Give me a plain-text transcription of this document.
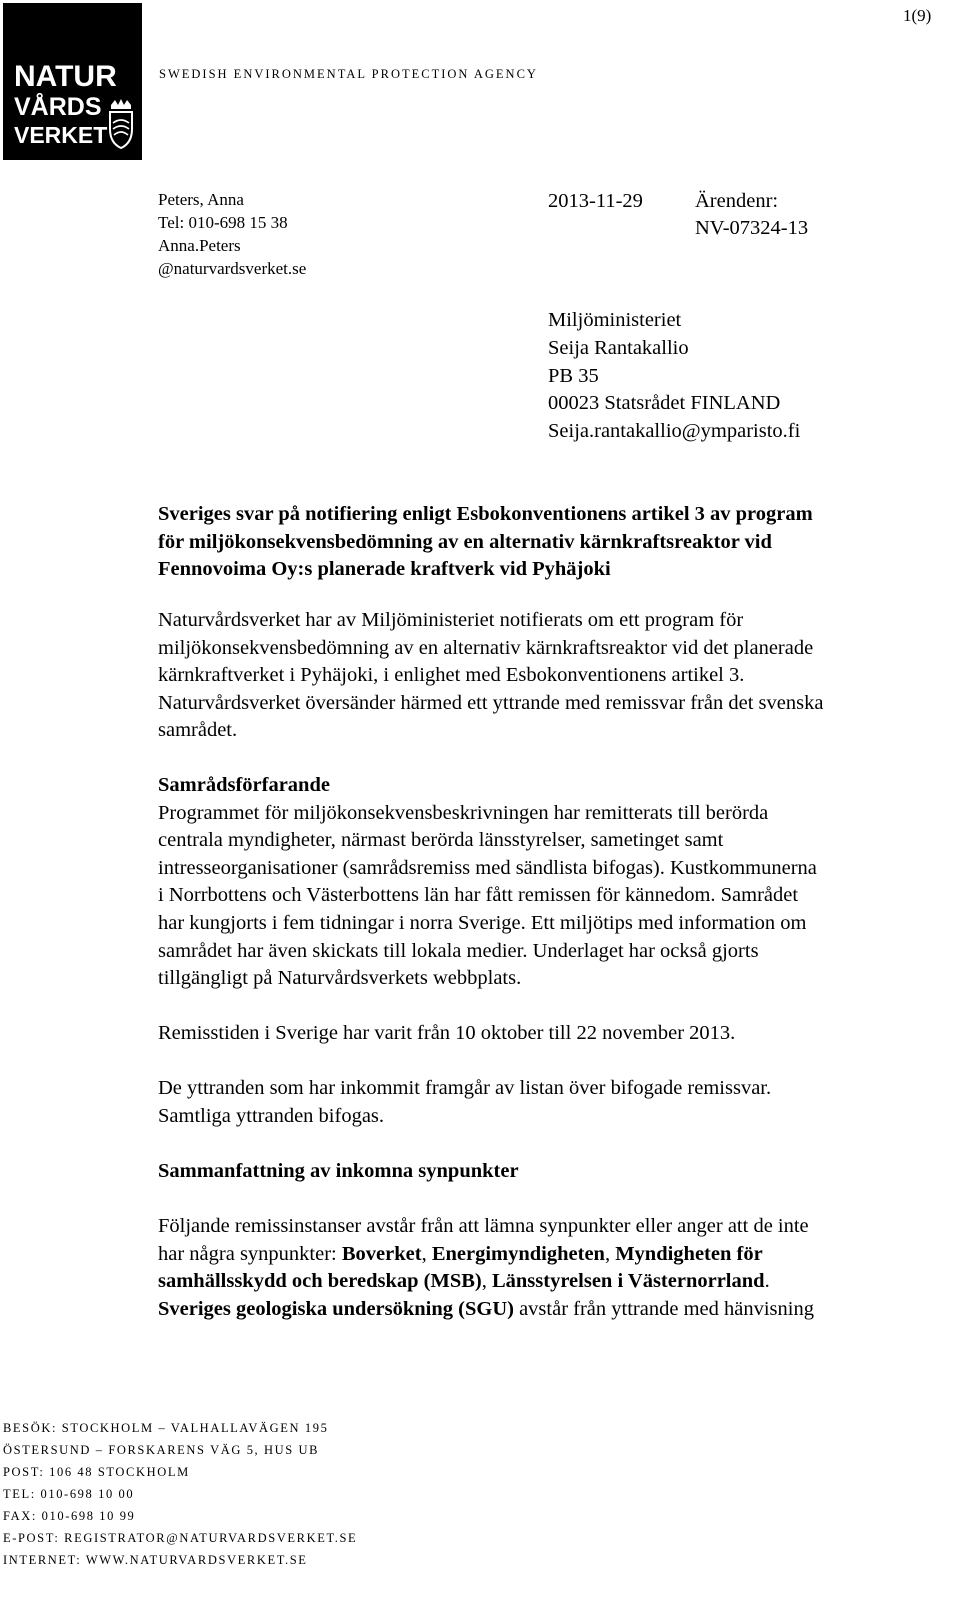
NATUR
VÅRDS
VERKET
SWEDISH ENVIRONMENTAL PROTECTION AGENCY
1(9)
Peters, Anna
Tel: 010-698 15 38
Anna.Peters
@naturvardsverket.se
2013-11-29	Ärendenr:
NV-07324-13
Miljöministeriet
Seija Rantakallio
PB 35
00023 Statsrådet FINLAND
Seija.rantakallio@ymparisto.fi
Sveriges svar på notifiering enligt Esbokonventionens artikel 3 av program
för miljökonsekvensbedömning av en alternativ kärnkraftsreaktor vid
Fennovoima Oy:s planerade kraftverk vid Pyhäjoki
Naturvårdsverket har av Miljöministeriet notifierats om ett program för
miljökonsekvensbedömning av en alternativ kärnkraftsreaktor vid det planerade
kärnkraftverket i Pyhäjoki, i enlighet med Esbokonventionens artikel 3.
Naturvårdsverket översänder härmed ett yttrande med remissvar från det svenska
samrådet.
Samrådsförfarande
Programmet för miljökonsekvensbeskrivningen har remitterats till berörda
centrala myndigheter, närmast berörda länsstyrelser, sametinget samt
intresseorganisationer (samrådsremiss med sändlista bifogas). Kustkommunerna
i Norrbottens och Västerbottens län har fått remissen för kännedom. Samrådet
har kungjorts i fem tidningar i norra Sverige. Ett miljötips med information om
samrådet har även skickats till lokala medier. Underlaget har också gjorts
tillgängligt på Naturvårdsverkets webbplats.
Remisstiden i Sverige har varit från 10 oktober till 22 november 2013.
De yttranden som har inkommit framgår av listan över bifogade remissvar.
Samtliga yttranden bifogas.
Sammanfattning av inkomna synpunkter
Följande remissinstanser avstår från att lämna synpunkter eller anger att de inte
har några synpunkter: Boverket, Energimyndigheten, Myndigheten för
samhällsskydd och beredskap (MSB), Länsstyrelsen i Västernorrland.
Sveriges geologiska undersökning (SGU) avstår från yttrande med hänvisning
BESÖK: STOCKHOLM – VALHALLAVÄGEN 195
ÖSTERSUND – FORSKARENS VÄG 5, HUS UB
POST: 106 48 STOCKHOLM
TEL: 010-698 10 00
FAX: 010-698 10 99
E-POST: REGISTRATOR@NATURVARDSVERKET.SE
INTERNET: WWW.NATURVARDSVERKET.SE
